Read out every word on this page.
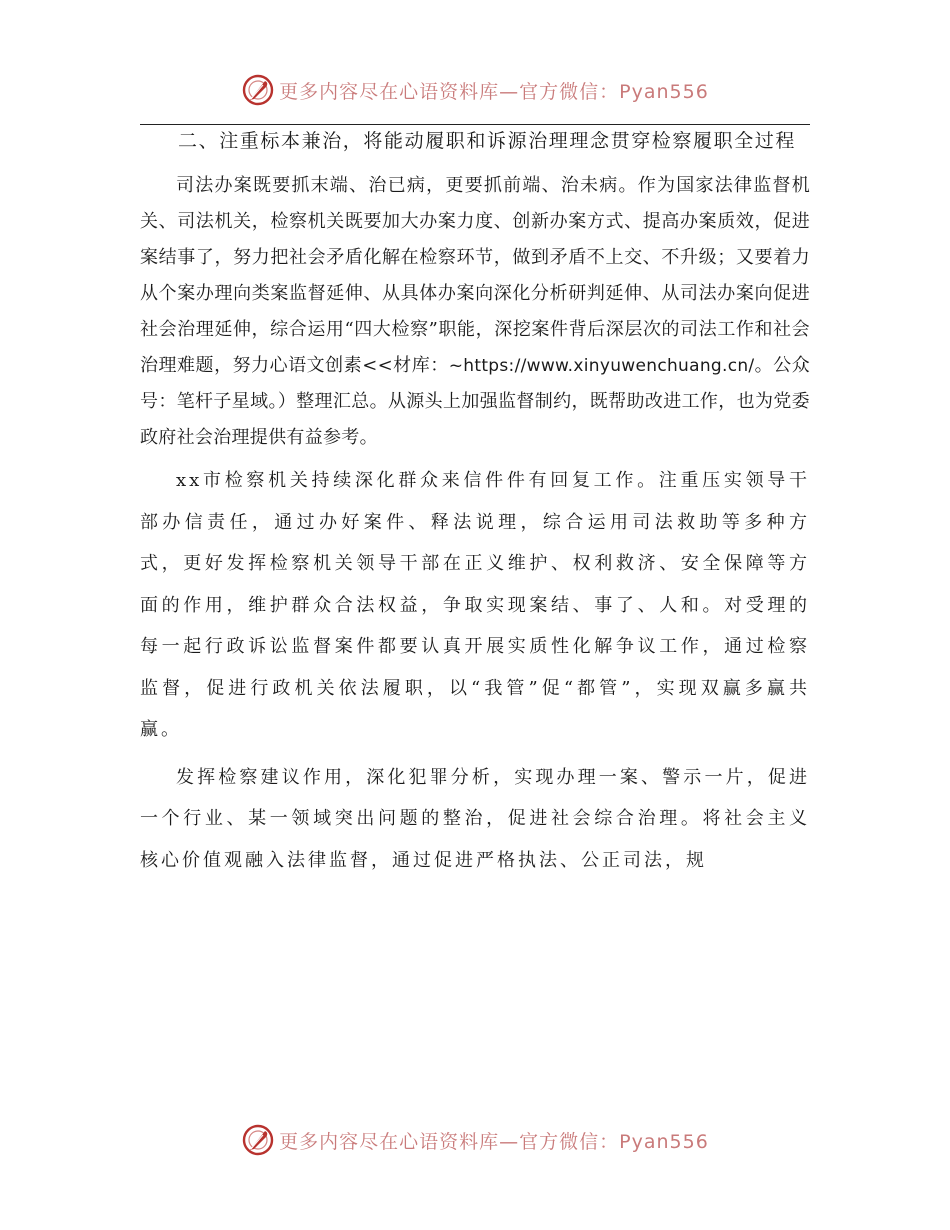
更多内容尽在心语资料库—官方微信：Pyan556

二、注重标本兼治，将能动履职和诉源治理理念贯穿检察履职全过程

司法办案既要抓末端、治已病，更要抓前端、治未病。作为国家法律监督机关、司法机关，检察机关既要加大办案力度、创新办案方式、提高办案质效，促进案结事了，努力把社会矛盾化解在检察环节，做到矛盾不上交、不升级；又要着力从个案办理向类案监督延伸、从具体办案向深化分析研判延伸、从司法办案向促进社会治理延伸，综合运用“四大检察”职能，深挖案件背后深层次的司法工作和社会治理难题，努力心语文创素<<材库：~https://www.xinyuwenchuang.cn/。公众号：笔杆子星域。）整理汇总。从源头上加强监督制约，既帮助改进工作，也为党委政府社会治理提供有益参考。

xx市检察机关持续深化群众来信件件有回复工作。注重压实领导干部办信责任，通过办好案件、释法说理，综合运用司法救助等多种方式，更好发挥检察机关领导干部在正义维护、权利救济、安全保障等方面的作用，维护群众合法权益，争取实现案结、事了、人和。对受理的每一起行政诉讼监督案件都要认真开展实质性化解争议工作，通过检察监督，促进行政机关依法履职，以“我管”促“都管”，实现双赢多赢共赢。

发挥检察建议作用，深化犯罪分析，实现办理一案、警示一片，促进一个行业、某一领域突出问题的整治，促进社会综合治理。将社会主义核心价值观融入法律监督，通过促进严格执法、公正司法，规

更多内容尽在心语资料库—官方微信：Pyan556
